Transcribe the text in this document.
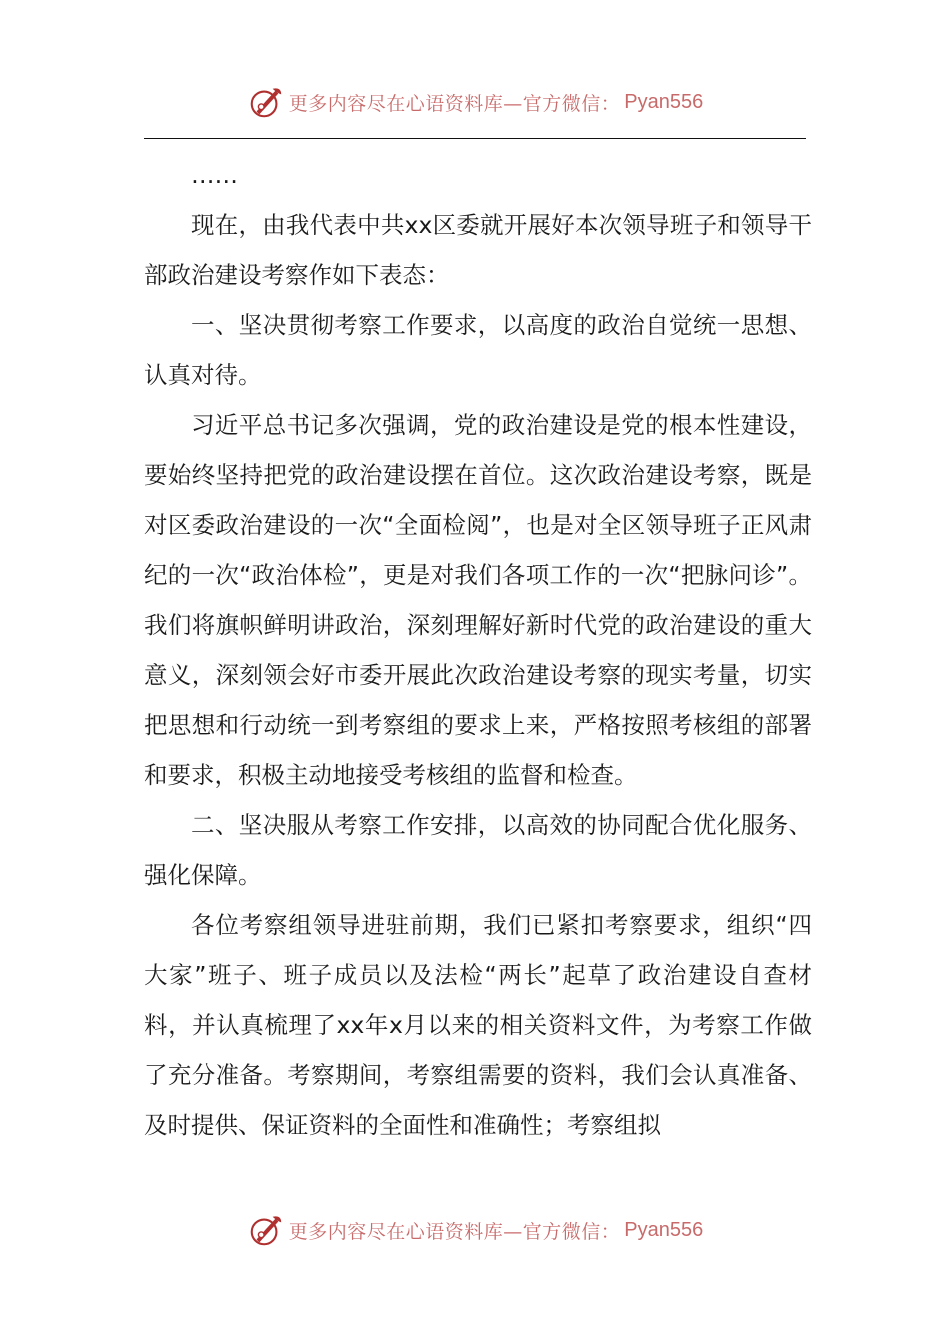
更多内容尽在心语资料库—官方微信： Pyan556

……

现在，由我代表中共xx区委就开展好本次领导班子和领导干部政治建设考察作如下表态：

一、坚决贯彻考察工作要求，以高度的政治自觉统一思想、认真对待。

习近平总书记多次强调，党的政治建设是党的根本性建设，要始终坚持把党的政治建设摆在首位。这次政治建设考察，既是对区委政治建设的一次“全面检阅”，也是对全区领导班子正风肃纪的一次“政治体检”，更是对我们各项工作的一次“把脉问诊”。我们将旗帜鲜明讲政治，深刻理解好新时代党的政治建设的重大意义，深刻领会好市委开展此次政治建设考察的现实考量，切实把思想和行动统一到考察组的要求上来，严格按照考核组的部署和要求，积极主动地接受考核组的监督和检查。

二、坚决服从考察工作安排，以高效的协同配合优化服务、强化保障。

各位考察组领导进驻前期，我们已紧扣考察要求，组织“四大家”班子、班子成员以及法检“两长”起草了政治建设自查材料，并认真梳理了xx年x月以来的相关资料文件，为考察工作做了充分准备。考察期间，考察组需要的资料，我们会认真准备、及时提供、保证资料的全面性和准确性；考察组拟

更多内容尽在心语资料库—官方微信： Pyan556
